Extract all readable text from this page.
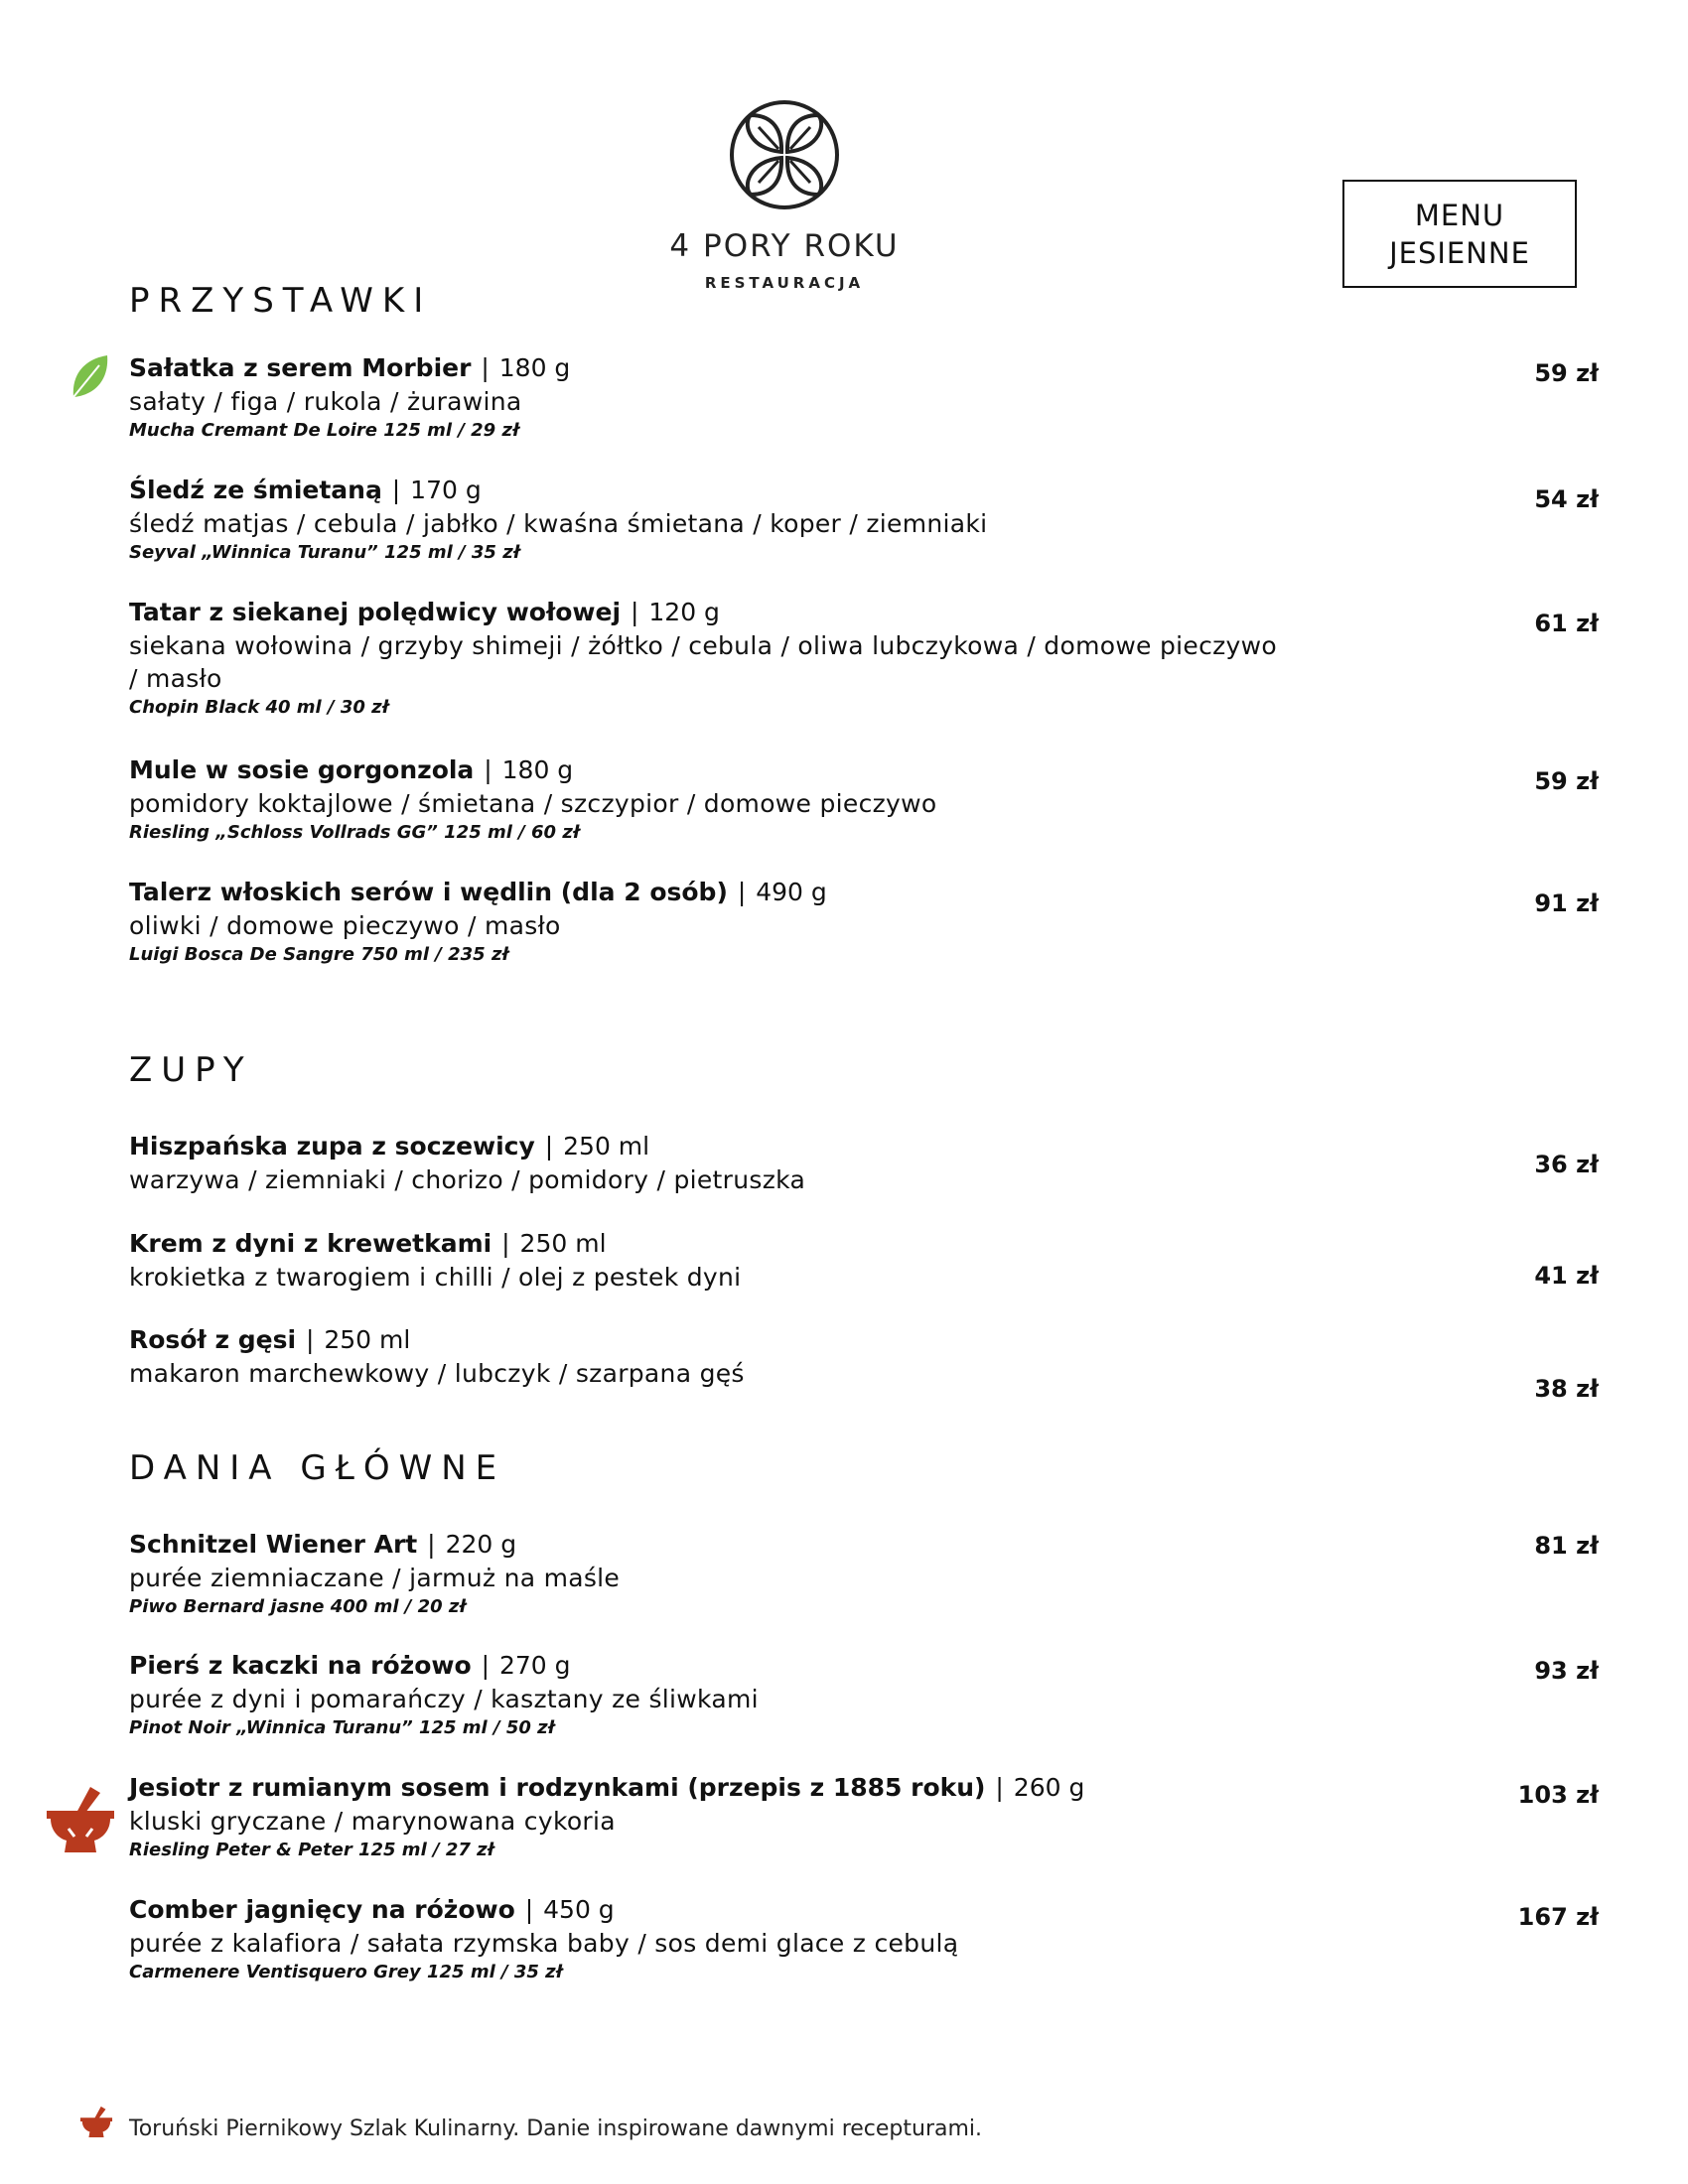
4 PORY ROKU
RESTAURACJA
MENU
JESIENNE
PRZYSTAWKI
Sałatka z serem Morbier | 180 g
sałaty / figa / rukola / żurawina
Mucha Cremant De Loire 125 ml / 29 zł
59 zł
Śledź ze śmietaną | 170 g
śledź matjas / cebula / jabłko / kwaśna śmietana / koper / ziemniaki
Seyval „Winnica Turanu” 125 ml / 35 zł
54 zł
Tatar z siekanej polędwicy wołowej | 120 g
siekana wołowina / grzyby shimeji / żółtko / cebula / oliwa lubczykowa / domowe pieczywo / masło
Chopin Black 40 ml / 30 zł
61 zł
Mule w sosie gorgonzola | 180 g
pomidory koktajlowe / śmietana / szczypior / domowe pieczywo
Riesling „Schloss Vollrads GG” 125 ml / 60 zł
59 zł
Talerz włoskich serów i wędlin (dla 2 osób) | 490 g
oliwki / domowe pieczywo / masło
Luigi Bosca De Sangre 750 ml / 235 zł
91 zł
ZUPY
Hiszpańska zupa z soczewicy | 250 ml
warzywa / ziemniaki / chorizo / pomidory / pietruszka
36 zł
Krem z dyni z krewetkami | 250 ml
krokietka z twarogiem i chilli / olej z pestek dyni	41 zł
Rosół z gęsi | 250 ml
makaron marchewkowy / lubczyk / szarpana gęś
38 zł
DANIA GŁÓWNE
Schnitzel Wiener Art | 220 g
purée ziemniaczane / jarmuż na maśle
Piwo Bernard jasne 400 ml / 20 zł
81 zł
Pierś z kaczki na różowo | 270 g
purée z dyni i pomarańczy / kasztany ze śliwkami
Pinot Noir „Winnica Turanu” 125 ml / 50 zł
93 zł
Jesiotr z rumianym sosem i rodzynkami (przepis z 1885 roku) | 260 g
kluski gryczane / marynowana cykoria
Riesling Peter & Peter 125 ml / 27 zł
103 zł
Comber jagnięcy na różowo | 450 g
purée z kalafiora / sałata rzymska baby / sos demi glace z cebulą
Carmenere Ventisquero Grey 125 ml / 35 zł
167 zł
Toruński Piernikowy Szlak Kulinarny. Danie inspirowane dawnymi recepturami.
